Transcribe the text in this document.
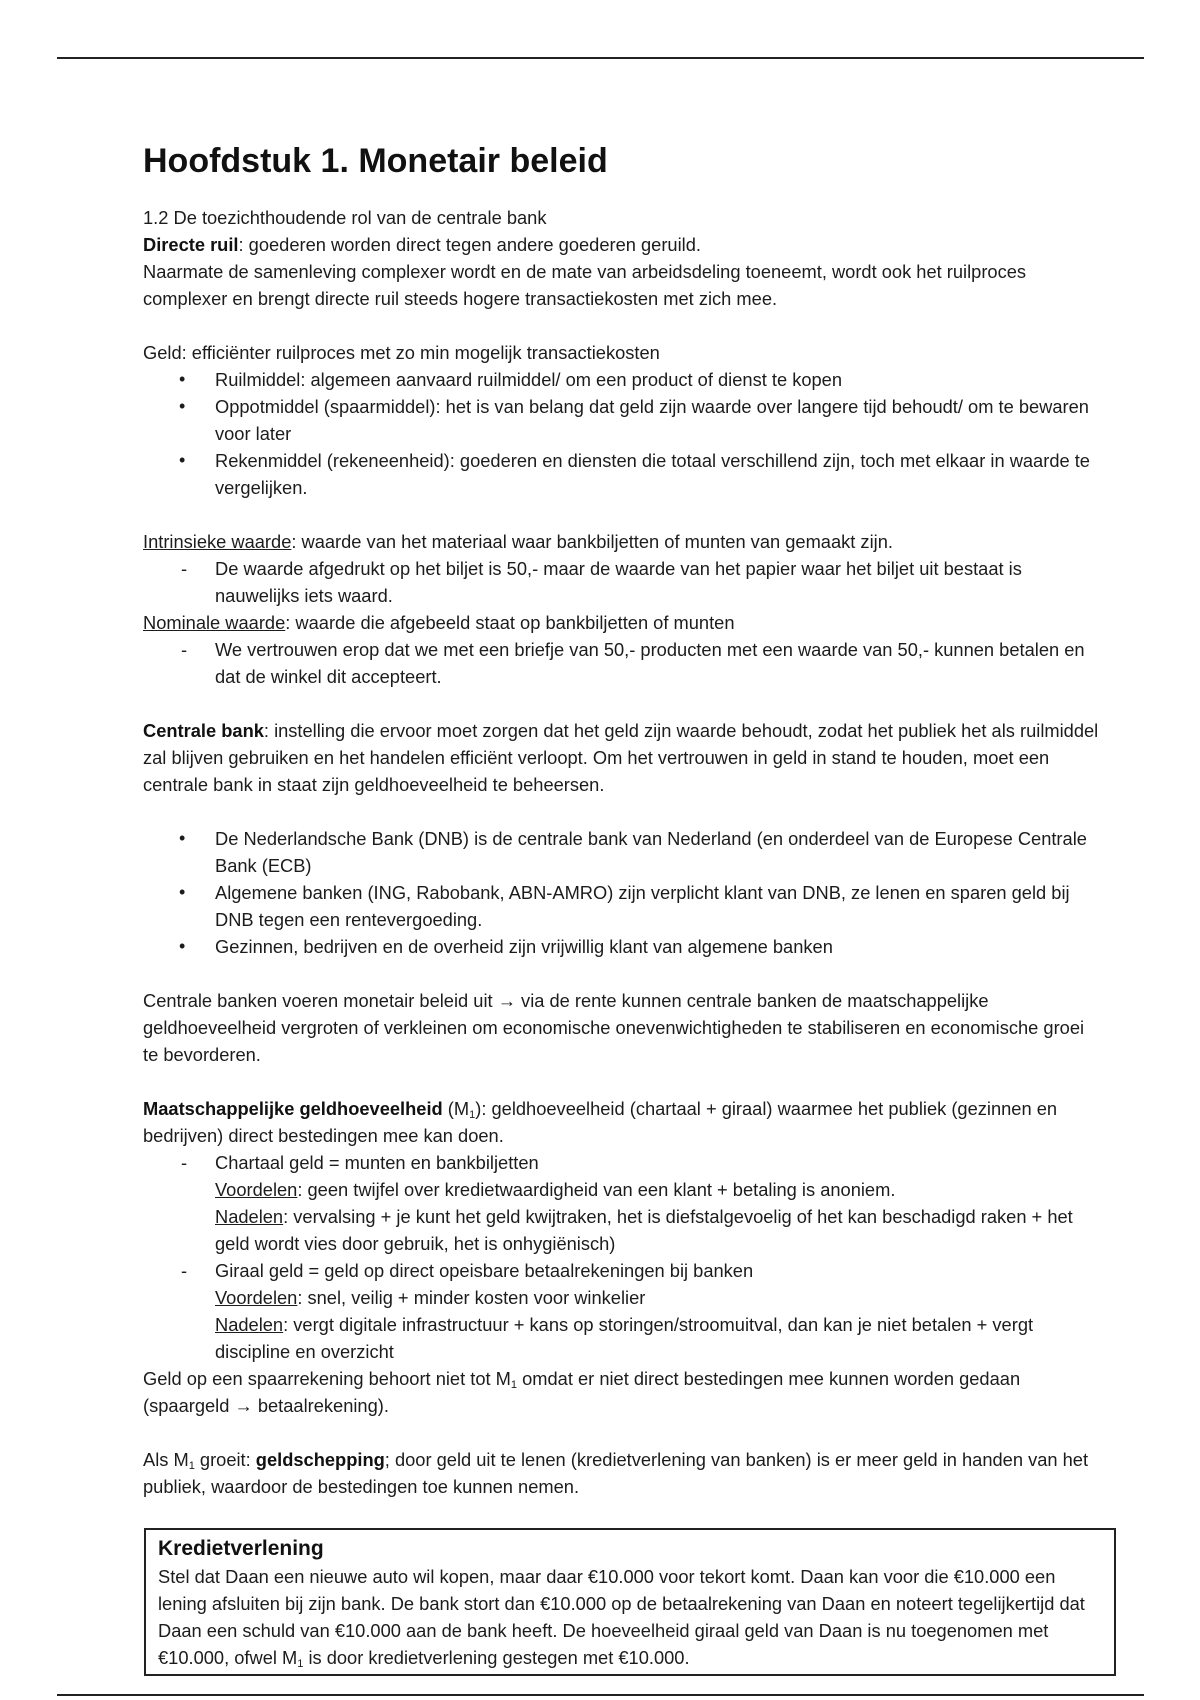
Hoofdstuk 1. Monetair beleid

1.2 De toezichthoudende rol van de centrale bank

Directe ruil: goederen worden direct tegen andere goederen geruild.

Naarmate de samenleving complexer wordt en de mate van arbeidsdeling toeneemt, wordt ook het ruilproces complexer en brengt directe ruil steeds hogere transactiekosten met zich mee.

Geld: efficiënter ruilproces met zo min mogelijk transactiekosten

• Ruilmiddel: algemeen aanvaard ruilmiddel/ om een product of dienst te kopen
• Oppotmiddel (spaarmiddel): het is van belang dat geld zijn waarde over langere tijd behoudt/ om te bewaren voor later
• Rekenmiddel (rekeneenheid): goederen en diensten die totaal verschillend zijn, toch met elkaar in waarde te vergelijken.

Intrinsieke waarde: waarde van het materiaal waar bankbiljetten of munten van gemaakt zijn.

- De waarde afgedrukt op het biljet is 50,- maar de waarde van het papier waar het biljet uit bestaat is nauwelijks iets waard.

Nominale waarde: waarde die afgebeeld staat op bankbiljetten of munten

- We vertrouwen erop dat we met een briefje van 50,- producten met een waarde van 50,- kunnen betalen en dat de winkel dit accepteert.

Centrale bank: instelling die ervoor moet zorgen dat het geld zijn waarde behoudt, zodat het publiek het als ruilmiddel zal blijven gebruiken en het handelen efficiënt verloopt. Om het vertrouwen in geld in stand te houden, moet een centrale bank in staat zijn geldhoeveelheid te beheersen.

• De Nederlandsche Bank (DNB) is de centrale bank van Nederland (en onderdeel van de Europese Centrale Bank (ECB)
• Algemene banken (ING, Rabobank, ABN-AMRO) zijn verplicht klant van DNB, ze lenen en sparen geld bij DNB tegen een rentevergoeding.
• Gezinnen, bedrijven en de overheid zijn vrijwillig klant van algemene banken

Centrale banken voeren monetair beleid uit → via de rente kunnen centrale banken de maatschappelijke geldhoeveelheid vergroten of verkleinen om economische onevenwichtigheden te stabiliseren en economische groei te bevorderen.

Maatschappelijke geldhoeveelheid $(M_1)$: geldhoeveelheid (chartaal + giraal) waarmee het publiek (gezinnen en bedrijven) direct bestedingen mee kan doen.

- Chartaal geld = munten en bankbiljetten
Voordelen: geen twijfel over kredietwaardigheid van een klant + betaling is anoniem.
Nadelen: vervalsing + je kunt het geld kwijtraken, het is diefstalgevoelig of het kan beschadigd raken + het geld wordt vies door gebruik, het is onhygiënisch)
- Giraal geld = geld op direct opeisbare betaalrekeningen bij banken
Voordelen: snel, veilig + minder kosten voor winkelier
Nadelen: vergt digitale infrastructuur + kans op storingen/stroomuitval, dan kan je niet betalen + vergt discipline en overzicht

Geld op een spaarrekening behoort niet tot $M_1$ omdat er niet direct bestedingen mee kunnen worden gedaan (spaargeld → betaalrekening).

Als $M_1$ groeit: geldschepping; door geld uit te lenen (kredietverlening van banken) is er meer geld in handen van het publiek, waardoor de bestedingen toe kunnen nemen.

Kredietverlening

Stel dat Daan een nieuwe auto wil kopen, maar daar €10.000 voor tekort komt. Daan kan voor die €10.000 een lening afsluiten bij zijn bank. De bank stort dan €10.000 op de betaalrekening van Daan en noteert tegelijkertijd dat Daan een schuld van €10.000 aan de bank heeft. De hoeveelheid giraal geld van Daan is nu toegenomen met €10.000, ofwel $M_1$ is door kredietverlening gestegen met €10.000.
